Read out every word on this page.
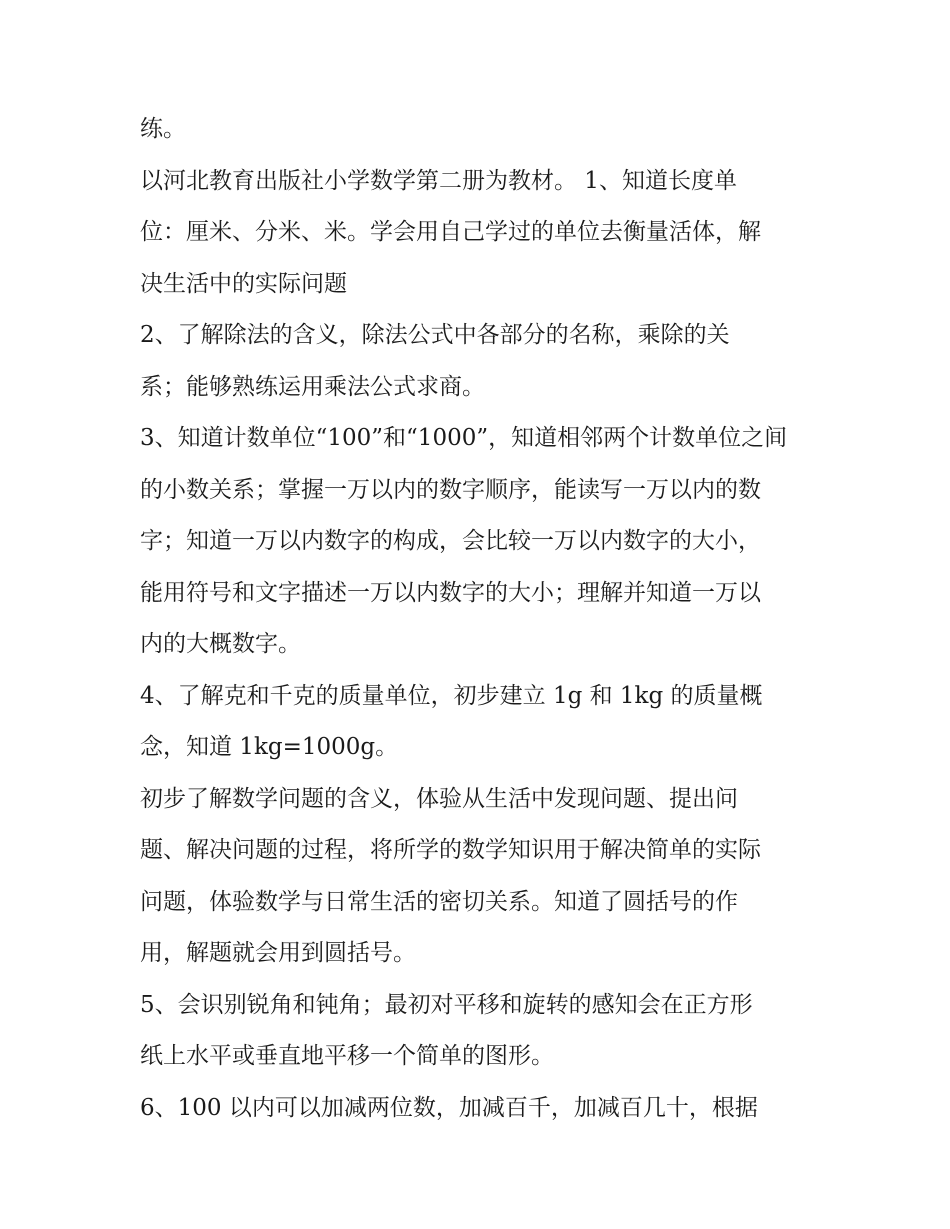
练。
以河北教育出版社小学数学第二册为教材。 1、知道长度单
位：厘米、分米、米。学会用自己学过的单位去衡量活体，解
决生活中的实际问题
2、了解除法的含义，除法公式中各部分的名称，乘除的关
系；能够熟练运用乘法公式求商。
3、知道计数单位“100”和“1000”，知道相邻两个计数单位之间
的小数关系；掌握一万以内的数字顺序，能读写一万以内的数
字；知道一万以内数字的构成，会比较一万以内数字的大小，
能用符号和文字描述一万以内数字的大小；理解并知道一万以
内的大概数字。
4、了解克和千克的质量单位，初步建立 1g 和 1kg 的质量概
念，知道 1kg=1000g。
初步了解数学问题的含义，体验从生活中发现问题、提出问
题、解决问题的过程，将所学的数学知识用于解决简单的实际
问题，体验数学与日常生活的密切关系。知道了圆括号的作
用，解题就会用到圆括号。
5、会识别锐角和钝角；最初对平移和旋转的感知会在正方形
纸上水平或垂直地平移一个简单的图形。
6、100 以内可以加减两位数，加减百千，加减百几十，根据
